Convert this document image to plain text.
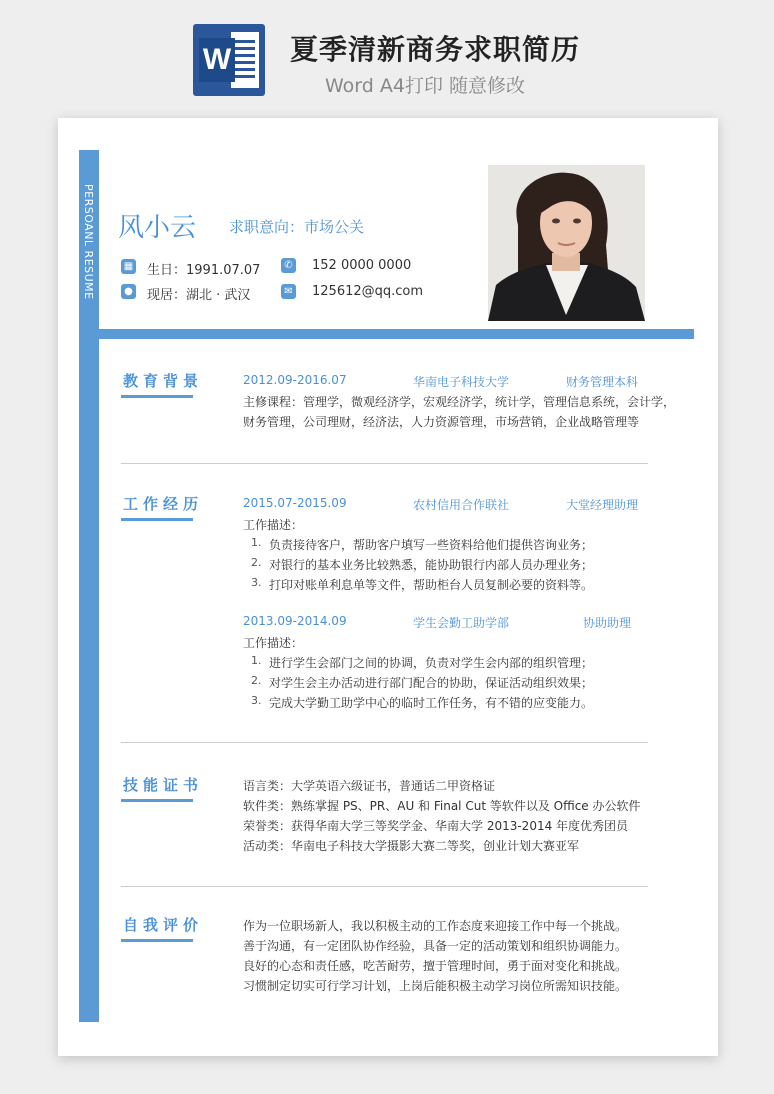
W 夏季清新商务求职简历
Word A4打印 随意修改
PERSOANL RESUME 风小云 求职意向：市场公关
▦ 生日：1991.07.07	✆ 152 0000 0000
● 现居：湖北 · 武汉	✉ 125612@qq.com
教育背景	2012.09-2016.07	华南电子科技大学	财务管理本科
主修课程：管理学，微观经济学，宏观经济学，统计学，管理信息系统，会计学，
财务管理，公司理财，经济法，人力资源管理，市场营销，企业战略管理等
工作经历	2015.07-2015.09	农村信用合作联社	大堂经理助理
工作描述：
1. 负责接待客户，帮助客户填写一些资料给他们提供咨询业务；
2. 对银行的基本业务比较熟悉，能协助银行内部人员办理业务；
3. 打印对账单利息单等文件，帮助柜台人员复制必要的资料等。
2013.09-2014.09	学生会勤工助学部	协助助理
工作描述：
1. 进行学生会部门之间的协调，负责对学生会内部的组织管理；
2. 对学生会主办活动进行部门配合的协助，保证活动组织效果；
3. 完成大学勤工助学中心的临时工作任务，有不错的应变能力。
技能证书	语言类：大学英语六级证书，普通话二甲资格证
软件类：熟练掌握 PS、PR、AU 和 Final Cut 等软件以及 Office 办公软件
荣誉类：获得华南大学三等奖学金、华南大学 2013-2014 年度优秀团员
活动类：华南电子科技大学摄影大赛二等奖，创业计划大赛亚军
自我评价	作为一位职场新人，我以积极主动的工作态度来迎接工作中每一个挑战。
善于沟通，有一定团队协作经验，具备一定的活动策划和组织协调能力。
良好的心态和责任感，吃苦耐劳，擅于管理时间，勇于面对变化和挑战。
习惯制定切实可行学习计划，上岗后能积极主动学习岗位所需知识技能。
